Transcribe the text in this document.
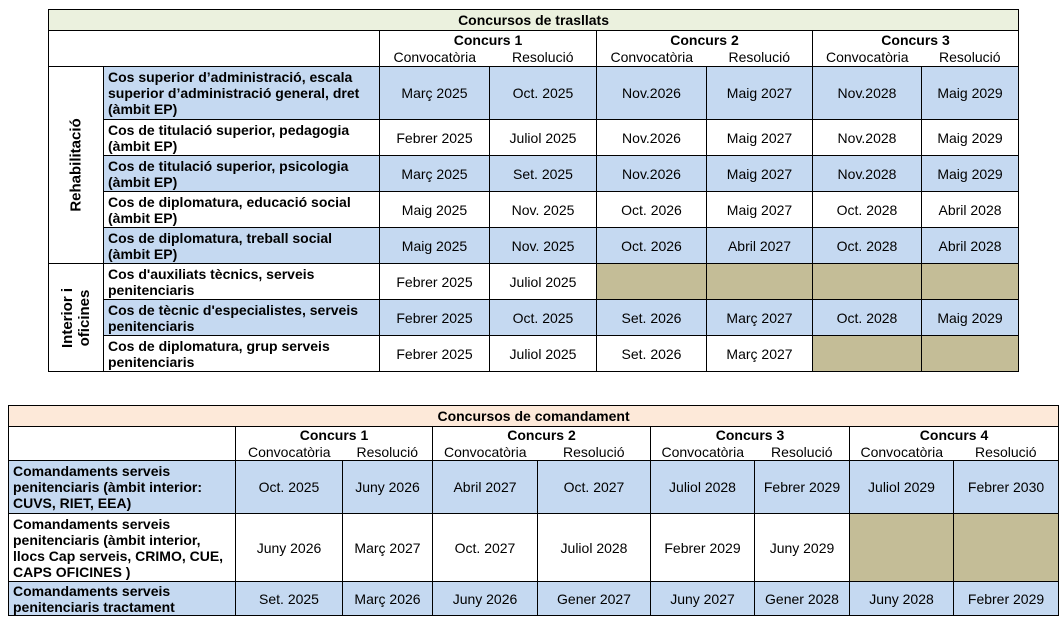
Concursos de trasllats							
		Concurs 1		Concurs 2		Concurs 3	
		Convocatòria	Resolució	Convocatòria	Resolució	Convocatòria	Resolució

Rehabilitació	Cos superior d’administració, escala superior d’administració general, dret (àmbit EP)	Març 2025	Oct. 2025	Nov.2026	Maig 2027	Nov.2028	Maig 2029
	Cos de titulació superior, pedagogia (àmbit EP)	Febrer 2025	Juliol 2025	Nov.2026	Maig 2027	Nov.2028	Maig 2029
	Cos de titulació superior, psicologia (àmbit EP)	Març 2025	Set. 2025	Nov.2026	Maig 2027	Nov.2028	Maig 2029
	Cos de diplomatura, educació social (àmbit EP)	Maig 2025	Nov. 2025	Oct. 2026	Maig 2027	Oct. 2028	Abril 2028
	Cos de diplomatura, treball social (àmbit EP)	Maig 2025	Nov. 2025	Oct. 2026	Abril 2027	Oct. 2028	Abril 2028

Interior i
oficines	Cos d'auxiliats tècnics, serveis penitenciaris	Febrer 2025	Juliol 2025				
	Cos de tècnic d'especialistes, serveis penitenciaris	Febrer 2025	Oct. 2025	Set. 2026	Març 2027	Oct. 2028	Maig 2029
	Cos de diplomatura, grup serveis penitenciaris	Febrer 2025	Juliol 2025	Set. 2026	Març 2027		
Concursos de comandament								
	Concurs 1		Concurs 2		Concurs 3		Concurs 4	
	Convocatòria	Resolució	Convocatòria	Resolució	Convocatòria	Resolució	Convocatòria	Resolució
Comandaments serveis penitenciaris (àmbit interior: CUVS, RIET, EEA)	Oct. 2025	Juny 2026	Abril 2027	Oct. 2027	Juliol 2028	Febrer 2029	Juliol 2029	Febrer 2030
Comandaments serveis penitenciaris (àmbit interior, llocs Cap serveis, CRIMO, CUE, CAPS OFICINES )	Juny 2026	Març 2027	Oct. 2027	Juliol 2028	Febrer 2029	Juny 2029		
Comandaments serveis penitenciaris tractament	Set. 2025	Març 2026	Juny 2026	Gener 2027	Juny 2027	Gener 2028	Juny 2028	Febrer 2029
